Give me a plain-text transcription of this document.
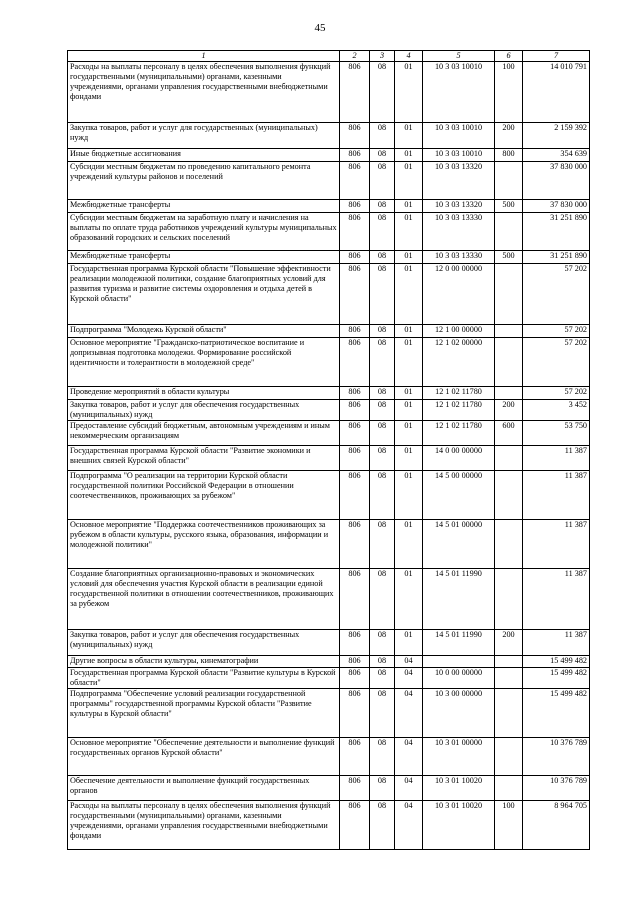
45
1	2	3	4	5	6	7
Расходы на выплаты персоналу в целях обеспечения выполнения функций государственными (муниципальными) органами, казенными учреждениями, органами управления государственными внебюджетными фондами	806	08	01	10 3 03 10010	100	14 010 791
Закупка товаров, работ и услуг для государственных (муниципальных) нужд	806	08	01	10 3 03 10010	200	2 159 392
Иные бюджетные ассигнования	806	08	01	10 3 03 10010	800	354 639
Субсидии местным бюджетам по проведению капитального ремонта учреждений культуры районов и поселений	806	08	01	10 3 03 13320		37 830 000
Межбюджетные трансферты	806	08	01	10 3 03 13320	500	37 830 000
Субсидии местным бюджетам на заработную плату и начисления на выплаты по оплате труда работников учреждений культуры муниципальных образований городских и сельских поселений	806	08	01	10 3 03 13330		31 251 890
Межбюджетные трансферты	806	08	01	10 3 03 13330	500	31 251 890
Государственная программа Курской области "Повышение эффективности реализации молодежной политики, создание благоприятных условий для развития туризма и развитие системы оздоровления и отдыха детей в Курской области"	806	08	01	12 0 00 00000		57 202
Подпрограмма "Молодежь Курской области"	806	08	01	12 1 00 00000		57 202
Основное мероприятие "Гражданско-патриотическое воспитание и допризывная подготовка молодежи. Формирование российской идентичности и толерантности в молодежной среде"	806	08	01	12 1 02 00000		57 202
Проведение мероприятий в области культуры	806	08	01	12 1 02 11780		57 202
Закупка товаров, работ и услуг для обеспечения государственных (муниципальных) нужд	806	08	01	12 1 02 11780	200	3 452
Предоставление субсидий бюджетным, автономным учреждениям и иным некоммерческим организациям	806	08	01	12 1 02 11780	600	53 750
Государственная программа Курской области "Развитие экономики и внешних связей Курской области"	806	08	01	14 0 00 00000		11 387
Подпрограмма "О реализации на территории Курской области государственной политики Российской Федерации в отношении соотечественников, проживающих за рубежом"	806	08	01	14 5 00 00000		11 387
Основное мероприятие "Поддержка соотечественников проживающих за рубежом в области культуры, русского языка, образования, информации и молодежной политики"	806	08	01	14 5 01 00000		11 387
Создание благоприятных организационно-правовых и экономических условий для обеспечения участия Курской области в реализации единой государственной политики в отношении соотечественников, проживающих за рубежом	806	08	01	14 5 01 11990		11 387
Закупка товаров, работ и услуг для обеспечения государственных (муниципальных) нужд	806	08	01	14 5 01 11990	200	11 387
Другие вопросы в области культуры, кинематографии	806	08	04			15 499 482
Государственная программа Курской области "Развитие культуры в Курской области"	806	08	04	10 0 00 00000		15 499 482
Подпрограмма "Обеспечение условий реализации государственной программы" государственной программы Курской области "Развитие культуры в Курской области"	806	08	04	10 3 00 00000		15 499 482
Основное мероприятие "Обеспечение деятельности и выполнение функций государственных органов Курской области"	806	08	04	10 3 01 00000		10 376 789
Обеспечение деятельности и выполнение функций государственных органов	806	08	04	10 3 01 10020		10 376 789
Расходы на выплаты персоналу в целях обеспечения выполнения функций государственными (муниципальными) органами, казенными учреждениями, органами управления государственными внебюджетными фондами	806	08	04	10 3 01 10020	100	8 964 705
